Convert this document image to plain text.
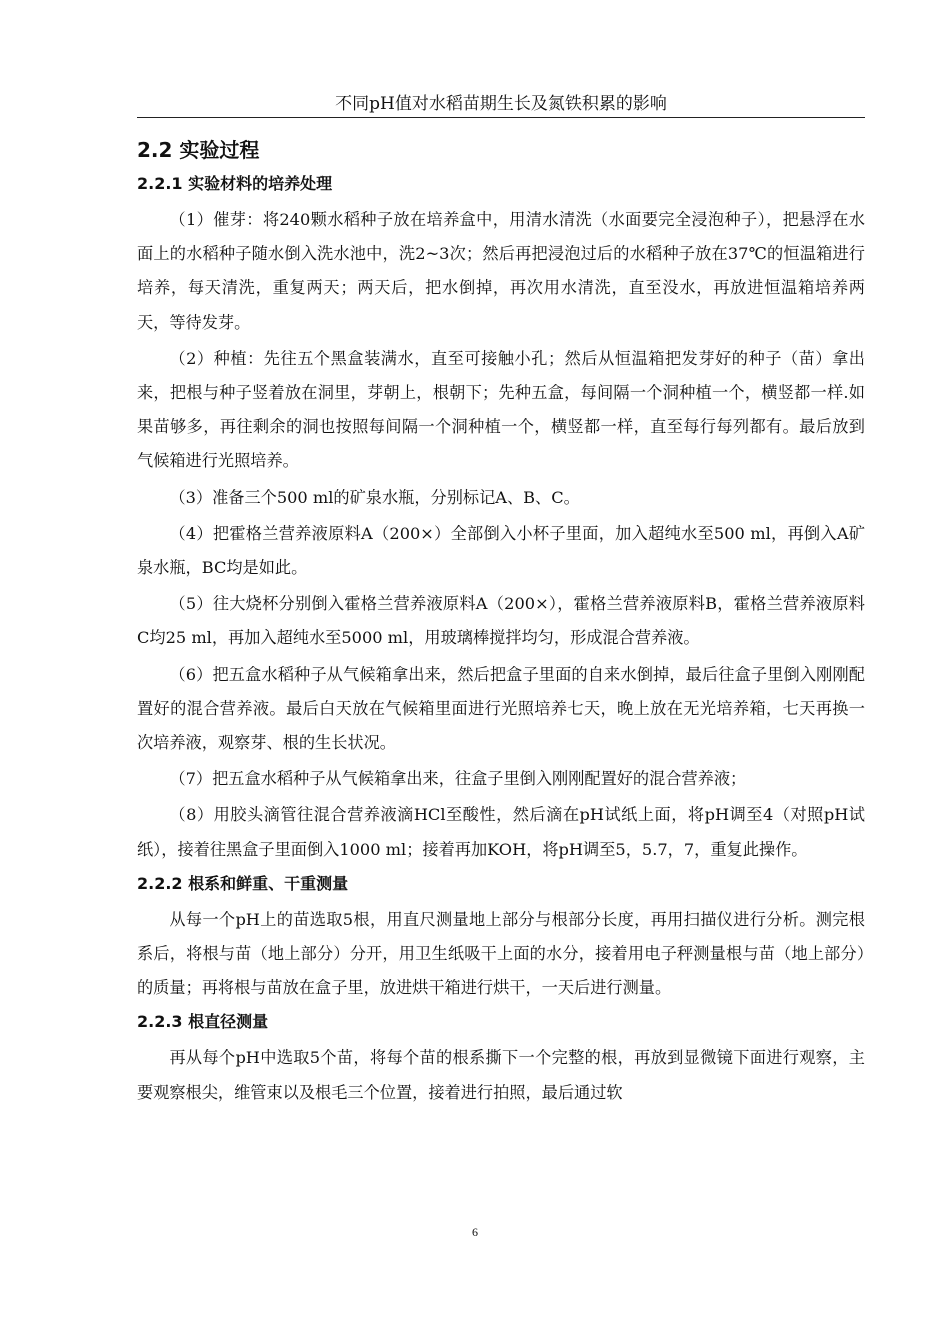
不同pH值对水稻苗期生长及氮铁积累的影响
2.2 实验过程
2.2.1 实验材料的培养处理

（1）催芽：将240颗水稻种子放在培养盒中，用清水清洗（水面要完全浸泡种子），把悬浮在水面上的水稻种子随水倒入洗水池中，洗2~3次；然后再把浸泡过后的水稻种子放在37℃的恒温箱进行培养，每天清洗，重复两天；两天后，把水倒掉，再次用水清洗，直至没水，再放进恒温箱培养两天，等待发芽。

（2）种植：先往五个黑盒装满水，直至可接触小孔；然后从恒温箱把发芽好的种子（苗）拿出来，把根与种子竖着放在洞里，芽朝上，根朝下；先种五盒，每间隔一个洞种植一个，横竖都一样.如果苗够多，再往剩余的洞也按照每间隔一个洞种植一个，横竖都一样，直至每行每列都有。最后放到气候箱进行光照培养。

（3）准备三个500 ml的矿泉水瓶，分别标记A、B、C。

（4）把霍格兰营养液原料A（200×）全部倒入小杯子里面，加入超纯水至500 ml，再倒入A矿泉水瓶，BC均是如此。

（5）往大烧杯分别倒入霍格兰营养液原料A（200×），霍格兰营养液原料B，霍格兰营养液原料C均25 ml，再加入超纯水至5000 ml，用玻璃棒搅拌均匀，形成混合营养液。

（6）把五盒水稻种子从气候箱拿出来，然后把盒子里面的自来水倒掉，最后往盒子里倒入刚刚配置好的混合营养液。最后白天放在气候箱里面进行光照培养七天，晚上放在无光培养箱，七天再换一次培养液，观察芽、根的生长状况。

（7）把五盒水稻种子从气候箱拿出来，往盒子里倒入刚刚配置好的混合营养液；

（8）用胶头滴管往混合营养液滴HCl至酸性，然后滴在pH试纸上面，将pH调至4（对照pH试纸），接着往黑盒子里面倒入1000 ml；接着再加KOH，将pH调至5，5.7，7，重复此操作。

2.2.2 根系和鲜重、干重测量

从每一个pH上的苗选取5根，用直尺测量地上部分与根部分长度，再用扫描仪进行分析。测完根系后，将根与苗（地上部分）分开，用卫生纸吸干上面的水分，接着用电子秤测量根与苗（地上部分）的质量；再将根与苗放在盒子里，放进烘干箱进行烘干，一天后进行测量。

2.2.3 根直径测量

再从每个pH中选取5个苗，将每个苗的根系撕下一个完整的根，再放到显微镜下面进行观察，主要观察根尖，维管束以及根毛三个位置，接着进行拍照，最后通过软

6
